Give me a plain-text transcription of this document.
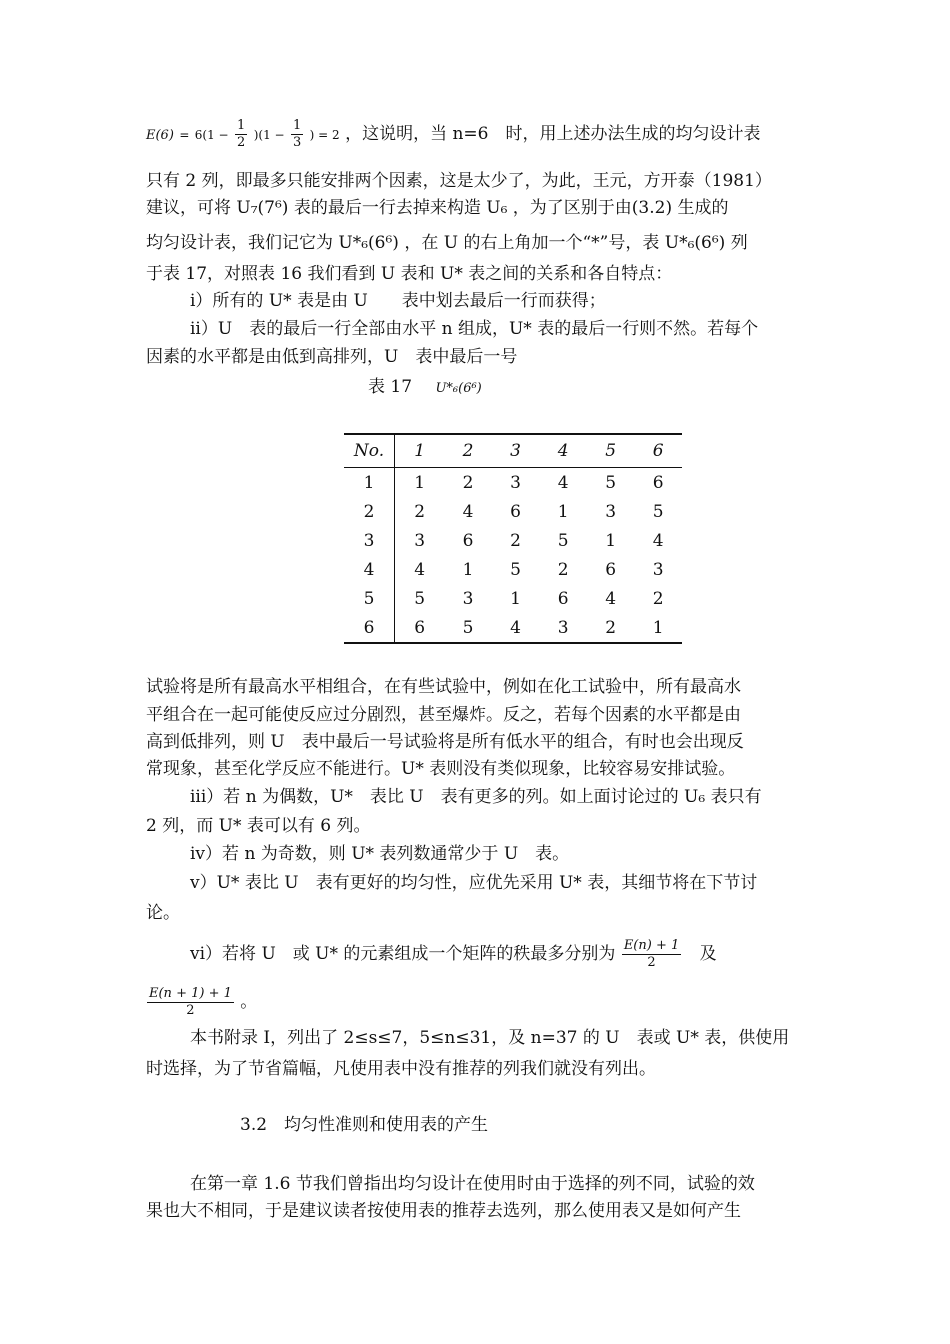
$E(6) = 6(1 - \frac{1}{2} )(1 - \frac{1}{3}$ ) = 2 ，这说明，当 n=6　时，用上述办法生成的均匀设计表
只有 2 列，即最多只能安排两个因素，这是太少了，为此，王元，方开泰（1981）
建议，可将 U₇(7⁶) 表的最后一行去掉来构造 U₆ ，为了区别于由(3.2) 生成的
均匀设计表，我们记它为 U*₆(6⁶) ，在 U 的右上角加一个“*”号，表 U*₆(6⁶) 列
于表 17，对照表 16 我们看到 U 表和 U* 表之间的关系和各自特点：
i）所有的 U* 表是由 U　　表中划去最后一行而获得；
ii）U　表的最后一行全部由水平 n 组成，U* 表的最后一行则不然。若每个
因素的水平都是由低到高排列，U　表中最后一号
表 17 U*₆(6⁶)
No.	1	2	3	4	5	6
1	1	2	3	4	5	6
2	2	4	6	1	3	5
3	3	6	2	5	1	4
4	4	1	5	2	6	3
5	5	3	1	6	4	2
6	6	5	4	3	2	1
试验将是所有最高水平相组合，在有些试验中，例如在化工试验中，所有最高水
平组合在一起可能使反应过分剧烈，甚至爆炸。反之，若每个因素的水平都是由
高到低排列，则 U　表中最后一号试验将是所有低水平的组合，有时也会出现反
常现象，甚至化学反应不能进行。U* 表则没有类似现象，比较容易安排试验。
iii）若 n 为偶数，U*　表比 U　表有更多的列。如上面讨论过的 U₆ 表只有
2 列，而 U* 表可以有 6 列。
iv）若 n 为奇数，则 U* 表列数通常少于 U　表。
v）U* 表比 U　表有更好的均匀性，应优先采用 U* 表，其细节将在下节讨
论。
vi）若将 U　或 U* 的元素组成一个矩阵的秩最多分别为 $\frac{E(n) + 1}{2}$ 及
$\frac{E(n + 1) + 1}{2}$ 。
本书附录 I，列出了 2≤s≤7，5≤n≤31，及 n=37 的 U　表或 U* 表，供使用
时选择，为了节省篇幅，凡使用表中没有推荐的列我们就没有列出。
3.2　均匀性准则和使用表的产生
在第一章 1.6 节我们曾指出均匀设计在使用时由于选择的列不同，试验的效
果也大不相同，于是建议读者按使用表的推荐去选列，那么使用表又是如何产生
